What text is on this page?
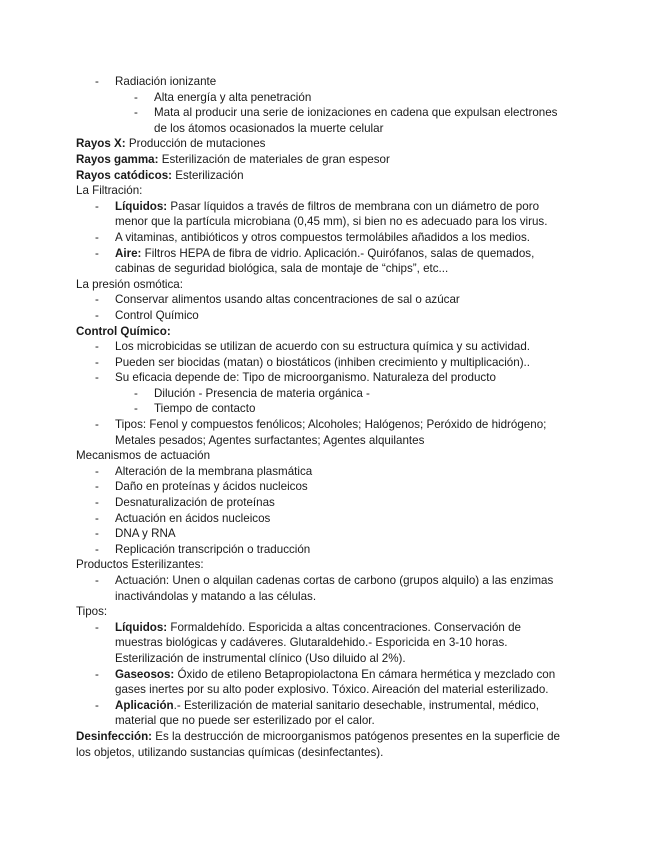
- Radiación ionizante
- Alta energía y alta penetración
- Mata al producir una serie de ionizaciones en cadena que expulsan electrones
de los átomos ocasionados la muerte celular
Rayos X: Producción de mutaciones
Rayos gamma: Esterilización de materiales de gran espesor
Rayos catódicos: Esterilización
La Filtración:
- Líquidos: Pasar líquidos a través de filtros de membrana con un diámetro de poro
menor que la partícula microbiana (0,45 mm), si bien no es adecuado para los virus.
- A vitaminas, antibióticos y otros compuestos termolábiles añadidos a los medios.
- Aire: Filtros HEPA de fibra de vidrio. Aplicación.- Quirófanos, salas de quemados,
cabinas de seguridad biológica, sala de montaje de “chips”, etc...
La presión osmótica:
- Conservar alimentos usando altas concentraciones de sal o azúcar
- Control Químico
Control Químico:
- Los microbicidas se utilizan de acuerdo con su estructura química y su actividad.
- Pueden ser biocidas (matan) o biostáticos (inhiben crecimiento y multiplicación)..
- Su eficacia depende de: Tipo de microorganismo. Naturaleza del producto
- Dilución - Presencia de materia orgánica -
- Tiempo de contacto
- Tipos: Fenol y compuestos fenólicos; Alcoholes; Halógenos; Peróxido de hidrógeno;
Metales pesados; Agentes surfactantes; Agentes alquilantes
Mecanismos de actuación
- Alteración de la membrana plasmática
- Daño en proteínas y ácidos nucleicos
- Desnaturalización de proteínas
- Actuación en ácidos nucleicos
- DNA y RNA
- Replicación transcripción o traducción
Productos Esterilizantes:
- Actuación: Unen o alquilan cadenas cortas de carbono (grupos alquilo) a las enzimas
inactivándolas y matando a las células.
Tipos:
- Líquidos: Formaldehído. Esporicida a altas concentraciones. Conservación de
muestras biológicas y cadáveres. Glutaraldehido.- Esporicida en 3-10 horas.
Esterilización de instrumental clínico (Uso diluido al 2%).
- Gaseosos: Óxido de etileno Betapropiolactona En cámara hermética y mezclado con
gases inertes por su alto poder explosivo. Tóxico. Aireación del material esterilizado.
- Aplicación.- Esterilización de material sanitario desechable, instrumental, médico,
material que no puede ser esterilizado por el calor.
Desinfección: Es la destrucción de microorganismos patógenos presentes en la superficie de
los objetos, utilizando sustancias químicas (desinfectantes).
